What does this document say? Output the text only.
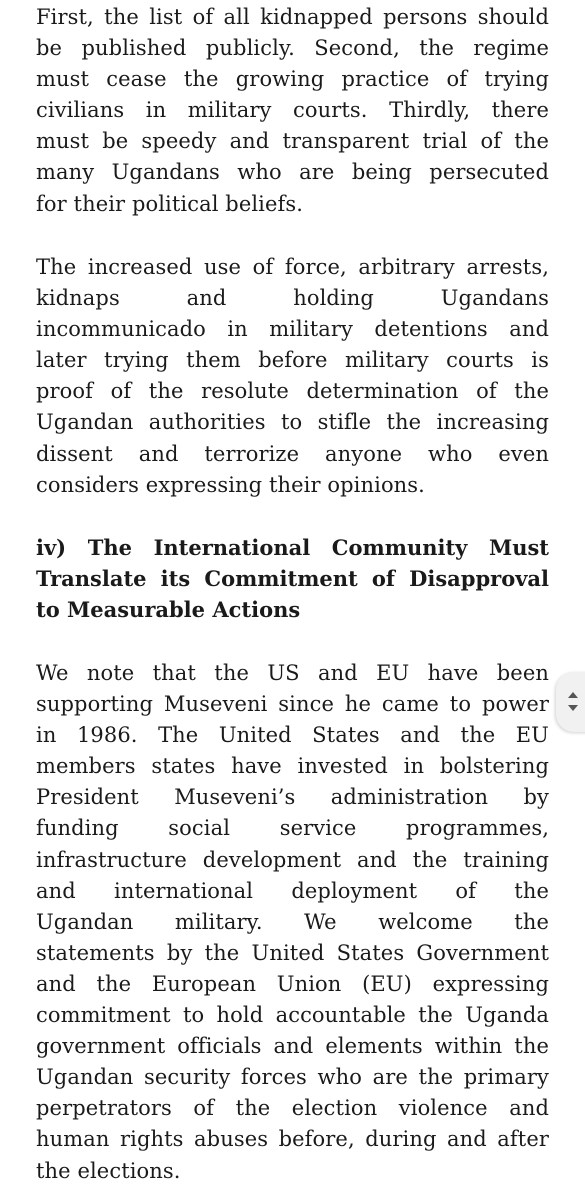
First, the list of all kidnapped persons should
be published publicly. Second, the regime
must cease the growing practice of trying
civilians in military courts. Thirdly, there
must be speedy and transparent trial of the
many Ugandans who are being persecuted
for their political beliefs.
The increased use of force, arbitrary arrests,
kidnaps and holding Ugandans
incommunicado in military detentions and
later trying them before military courts is
proof of the resolute determination of the
Ugandan authorities to stifle the increasing
dissent and terrorize anyone who even
considers expressing their opinions.
iv) The International Community Must
Translate its Commitment of Disapproval
to Measurable Actions
We note that the US and EU have been
supporting Museveni since he came to power
in 1986. The United States and the EU
members states have invested in bolstering
President Museveni’s administration by
funding social service programmes,
infrastructure development and the training
and international deployment of the
Ugandan military. We welcome the
statements by the United States Government
and the European Union (EU) expressing
commitment to hold accountable the Uganda
government officials and elements within the
Ugandan security forces who are the primary
perpetrators of the election violence and
human rights abuses before, during and after
the elections.
